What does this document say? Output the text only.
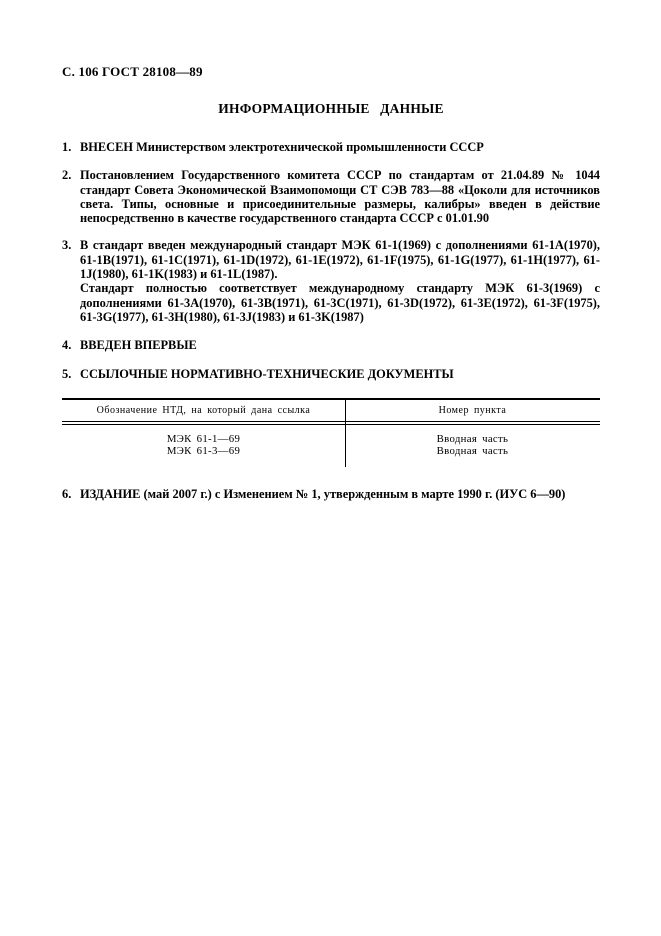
С. 106 ГОСТ 28108—89
ИНФОРМАЦИОННЫЕ ДАННЫЕ
1. ВНЕСЕН Министерством электротехнической промышленности СССР

2. Постановлением Государственного комитета СССР по стандартам от 21.04.89 № 1044 стандарт Совета Экономической Взаимопомощи СТ СЭВ 783—88 «Цоколи для источников света. Типы, основные и присоединительные размеры, калибры» введен в действие непосредственно в качестве государственного стандарта СССР с 01.01.90

3. В стандарт введен международный стандарт МЭК 61-1(1969) с дополнениями 61-1A(1970), 61-1B(1971), 61-1C(1971), 61-1D(1972), 61-1E(1972), 61-1F(1975), 61-1G(1977), 61-1H(1977), 61-1J(1980), 61-1K(1983) и 61-1L(1987).

Стандарт полностью соответствует международному стандарту МЭК 61-3(1969) с дополнениями 61-3A(1970), 61-3B(1971), 61-3C(1971), 61-3D(1972), 61-3E(1972), 61-3F(1975), 61-3G(1977), 61-3H(1980), 61-3J(1983) и 61-3K(1987)

4. ВВЕДЕН ВПЕРВЫЕ

5. ССЫЛОЧНЫЕ НОРМАТИВНО-ТЕХНИЧЕСКИЕ ДОКУМЕНТЫ

Обозначение НТД, на который дана ссылка	Номер пункта
МЭК 61-1—69	Вводная часть
МЭК 61-3—69	Вводная часть
6. ИЗДАНИЕ (май 2007 г.) с Изменением № 1, утвержденным в марте 1990 г. (ИУС 6—90)
